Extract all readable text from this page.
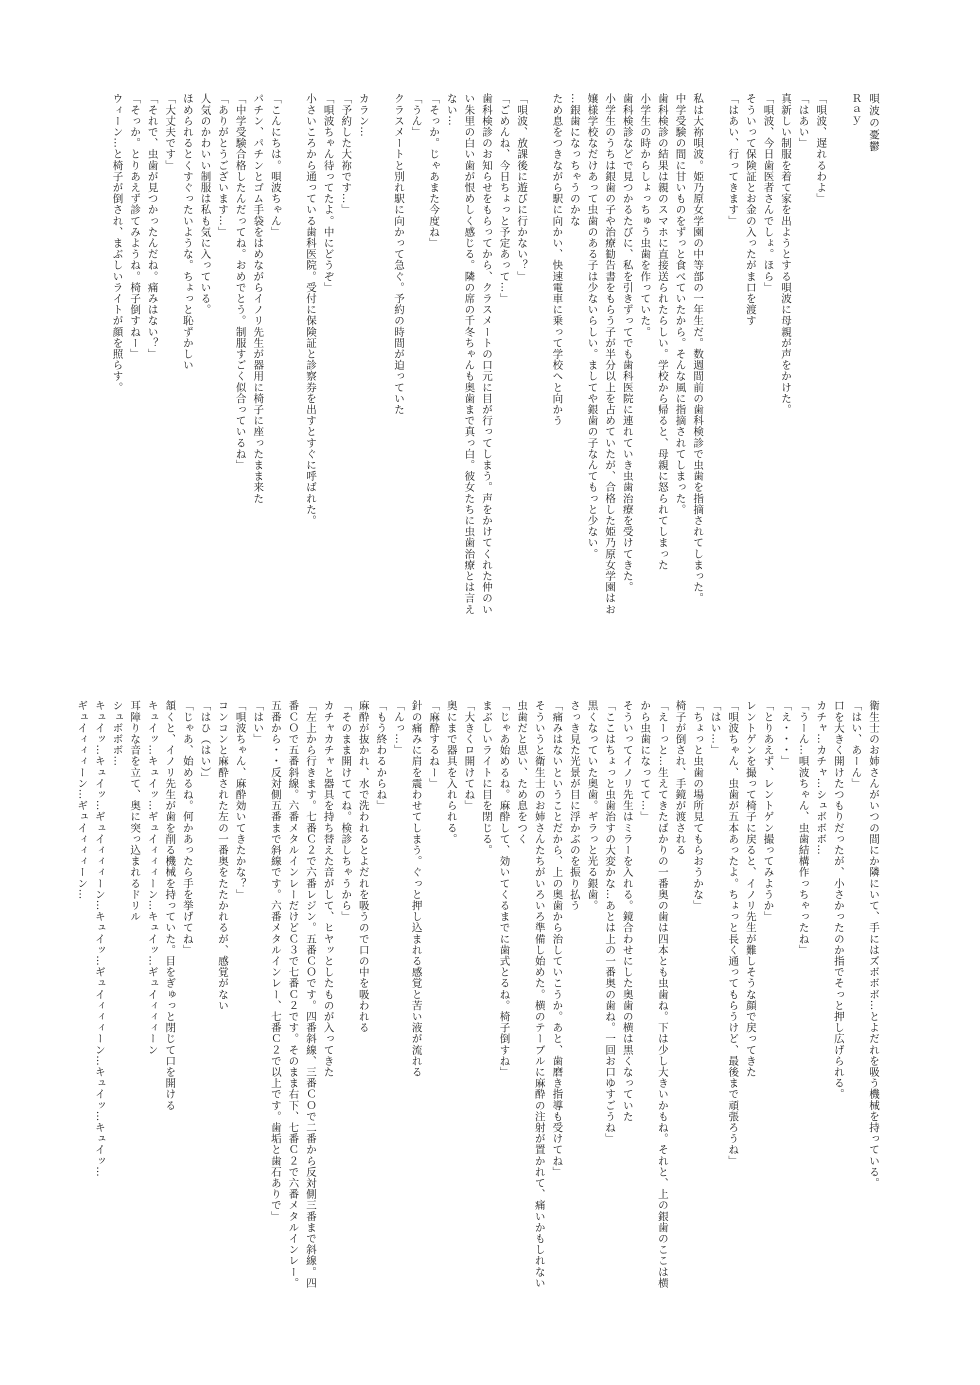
唄波の憂鬱
Ｒａｙ

「唄波、遅れるわよ」
「はあい」
真新しい制服を着て家を出ようとする唄波に母親が声をかけた。
「唄波、今日歯医者さんでしょ。ほら」
そういって保険証とお金の入ったがま口を渡す
「はあい、行ってきます」

私は大祢唄波。姫乃原女学園の中等部の一年生だ。数週間前の歯科検診で虫歯を指摘されてしまった。
中学受験の間に甘いものをずっと食べていたから。そんな風に指摘されてしまった。
歯科検診の結果は親のスマホに直接送られたらしい。学校から帰ると、母親に怒られてしまった
小学生の時からしょっちゅう虫歯を作っていた。
歯科検診などで見つかるたびに、私を引きずってでも歯科医院に連れていき虫歯治療を受けてきた。
小学生のうちは銀歯の子や治療勧告書をもらう子が半分以上を占めていたが、合格した姫乃原女学園はお嬢様学校なだけあって虫歯のある子は少ないらしい。ましてや銀歯の子なんてもっと少ない。
…銀歯になっちゃうのかな
ため息をつきながら駅に向かい、快速電車に乗って学校へと向かう

「唄波、放課後に遊びに行かない？」
「ごめんね、今日ちょっと予定あって…」
歯科検診のお知らせをもらってから、クラスメートの口元に目が行ってしまう。声をかけてくれた仲のいい朱里の白い歯が恨めしく感じる。隣の席の千冬ちゃんも奥歯まで真っ白。彼女たちに虫歯治療とは言えない…
「そっか。じゃあまた今度ね」
「うん」
クラスメートと別れ駅に向かって急ぐ。予約の時間が迫っていた

カラン…
「予約した大祢です…」
「唄波ちゃん待ってたよ。中にどうぞ」
小さいころから通っている歯科医院。受付に保険証と診察券を出すとすぐに呼ばれた。

「こんにちは。唄波ちゃん」
パチン、パチンとゴム手袋をはめながらイノリ先生が器用に椅子に座ったまま来た
「中学受験合格したんだってね。おめでとう。制服すごく似合っているね」
「ありがとうございます…」
人気のかわいい制服は私も気に入っている。
ほめられるとくすぐったいような。ちょっと恥ずかしい
「大丈夫です」
「それで、虫歯が見つかったんだね。痛みはない？」
「そっか。とりあえず診てみようね。椅子倒すねー」
ウィーン…と椅子が倒され、まぶしいライトが顔を照らす。
衛生士のお姉さんがいつの間にか隣にいて、手にはズボボボ…とよだれを吸う機械を持っている。
「はい、あーん」
口を大きく開けたつもりだったが、小さかったのか指でそっと押し広げられる。
カチャ…カチャ…シュボボボ…
「うーん…唄波ちゃん、虫歯結構作っちゃったね」
「え・・・」
「とりあえず、レントゲン撮ってみようか」
レントゲンを撮って椅子に戻ると、イノリ先生が難しそうな顔で戻ってきた
「唄波ちゃん、虫歯が五本あったよ。ちょっと長く通ってもらうけど、最後まで頑張ろうね」
「はい…」
「ちょっと虫歯の場所見てもらおうかな」
椅子が倒され、手鏡が渡される
「えーっと…生えてきたばかりの一番奥の歯は四本とも虫歯ね。下は少し大きいかもね。それと、上の銀歯のここは横から虫歯になってて…」
そういってイノリ先生はミラーを入れる。鏡合わせにした奥歯の横は黒くなっていた
「ここはちょっと虫歯治すの大変かな…あとは上の一番奥の歯ね。一回お口ゆすごうね」
黒くなっていた奥歯。ギラっと光る銀歯。
さっき見た光景が目に浮かぶのを振り払う
「痛みはないということだから、上の奥歯から治していこうか。あと、歯磨き指導も受けてね」
そういうと衛生士のお姉さんたちがいろいろ準備し始めた。横のテーブルに麻酔の注射が置かれて、痛いかもしれない虫歯だと思い、ため息をつく
「じゃあ始めるね。麻酔して、効いてくるまでに歯式とるね。椅子倒すね」
まぶしいライトに目を閉じる。
「大きくロ開けてね」
奥にまで器具を入れられる。
「麻酔するねー」
針の痛みに肩を震わせてしまう。ぐっと押し込まれる感覚と苦い液が流れる
「んっ…」
「もう終わるからね」
麻酔が抜かれ、水で洗われるとよだれを吸うので口の中を吸われる
「そのまま開けててね。検診しちゃうから」
カチャカチャと器具を持ち替えた音がして、ヒヤッとしたものが入ってきた
「左上から行きます。七番Ｃ２で六番レジン。五番ＣＯです。四番斜線、三番ＣＯで二番から反対側三番まで斜線。四番ＣＯで五番斜線。六番メタルインレーだけどＣ３で七番Ｃ２です。そのまま右下、七番Ｃ２で六番メタルインレー。五番から・・反対側五番まで斜線です。六番メタルインレー、七番Ｃ２で以上です。歯垢と歯石ありで」
「はい」
「唄波ちゃん、麻酔効いてきたかな？」
コンコンと麻酔された左の一番奥をたたかれるが、感覚がない
「はひ（はい）」
「じゃあ、始めるね。何かあったら手を挙げてね」
頷くと、イノリ先生が歯を削る機械を持っていた。目をぎゅっと閉じて口を開ける
キュイッ…キュイッ…ギュイィィィーン…キュイッ…ギュイィィィーン
耳障りな音を立て、奥に突っ込まれるドリル
シュボボボ…
キュイッ…キュイッ…ギュイィィィーン…キュイッ…ギュイィィィーン…キュイッ…キュイッ…
ギュイィィィーン…ギュイィィィーン…
